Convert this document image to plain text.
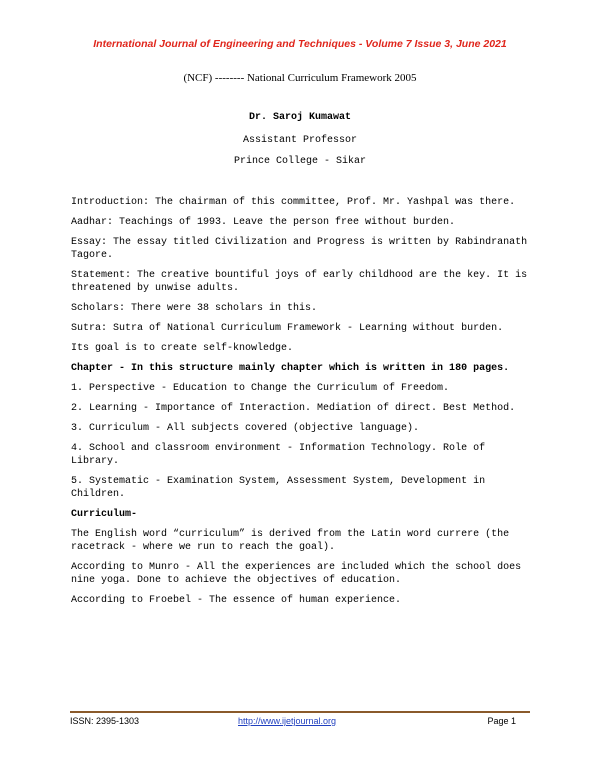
International Journal of Engineering and Techniques - Volume 7 Issue 3, June 2021
(NCF) -------- National Curriculum Framework 2005
Dr. Saroj Kumawat
Assistant Professor
Prince College - Sikar

Introduction: The chairman of this committee, Prof. Mr. Yashpal was there.

Aadhar: Teachings of 1993. Leave the person free without burden.

Essay: The essay titled Civilization and Progress is written by Rabindranath Tagore.

Statement: The creative bountiful joys of early childhood are the key. It is threatened by unwise adults.

Scholars: There were 38 scholars in this.

Sutra: Sutra of National Curriculum Framework - Learning without burden.

Its goal is to create self-knowledge.

Chapter - In this structure mainly chapter which is written in 180 pages.

1. Perspective - Education to Change the Curriculum of Freedom.

2. Learning - Importance of Interaction. Mediation of direct. Best Method.

3. Curriculum - All subjects covered (objective language).

4. School and classroom environment - Information Technology. Role of Library.

5. Systematic - Examination System, Assessment System, Development in Children.

Curriculum-

The English word “curriculum” is derived from the Latin word currere (the racetrack - where we run to reach the goal).

According to Munro - All the experiences are included which the school does nine yoga. Done to achieve the objectives of education.

According to Froebel - The essence of human experience.

ISSN: 2395-1303	http://www.ijetjournal.org	Page 1
